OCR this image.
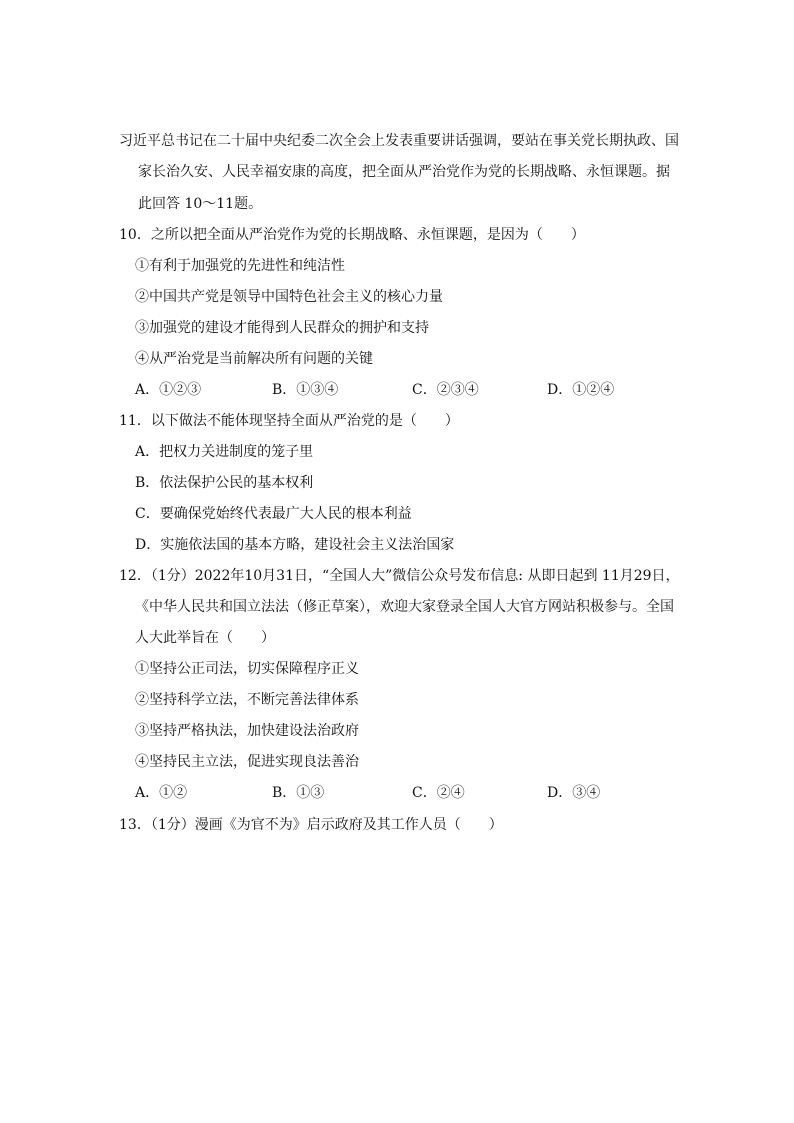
习近平总书记在二十届中央纪委二次全会上发表重要讲话强调，要站在事关党长期执政、国
家长治久安、人民幸福安康的高度，把全面从严治党作为党的长期战略、永恒课题。据
此回答 10～11题。
10．之所以把全面从严治党作为党的长期战略、永恒课题，是因为（　　）
①有利于加强党的先进性和纯洁性
②中国共产党是领导中国特色社会主义的核心力量
③加强党的建设才能得到人民群众的拥护和支持
④从严治党是当前解决所有问题的关键
A．①②③	B．①③④	C．②③④	D．①②④
11．以下做法不能体现坚持全面从严治党的是（　　）
A．把权力关进制度的笼子里
B．依法保护公民的基本权利
C．要确保党始终代表最广大人民的根本利益
D．实施依法国的基本方略，建设社会主义法治国家
12．（1分）2022年10月31日，“全国人大”微信公众号发布信息: 从即日起到 11月29日，
《中华人民共和国立法法（修正草案），欢迎大家登录全国人大官方网站积极参与。全国
人大此举旨在（　　）
①坚持公正司法，切实保障程序正义
②坚持科学立法，不断完善法律体系
③坚持严格执法，加快建设法治政府
④坚持民主立法，促进实现良法善治
A．①②	B．①③	C．②④	D．③④
13．（1分）漫画《为官不为》启示政府及其工作人员（　　）
